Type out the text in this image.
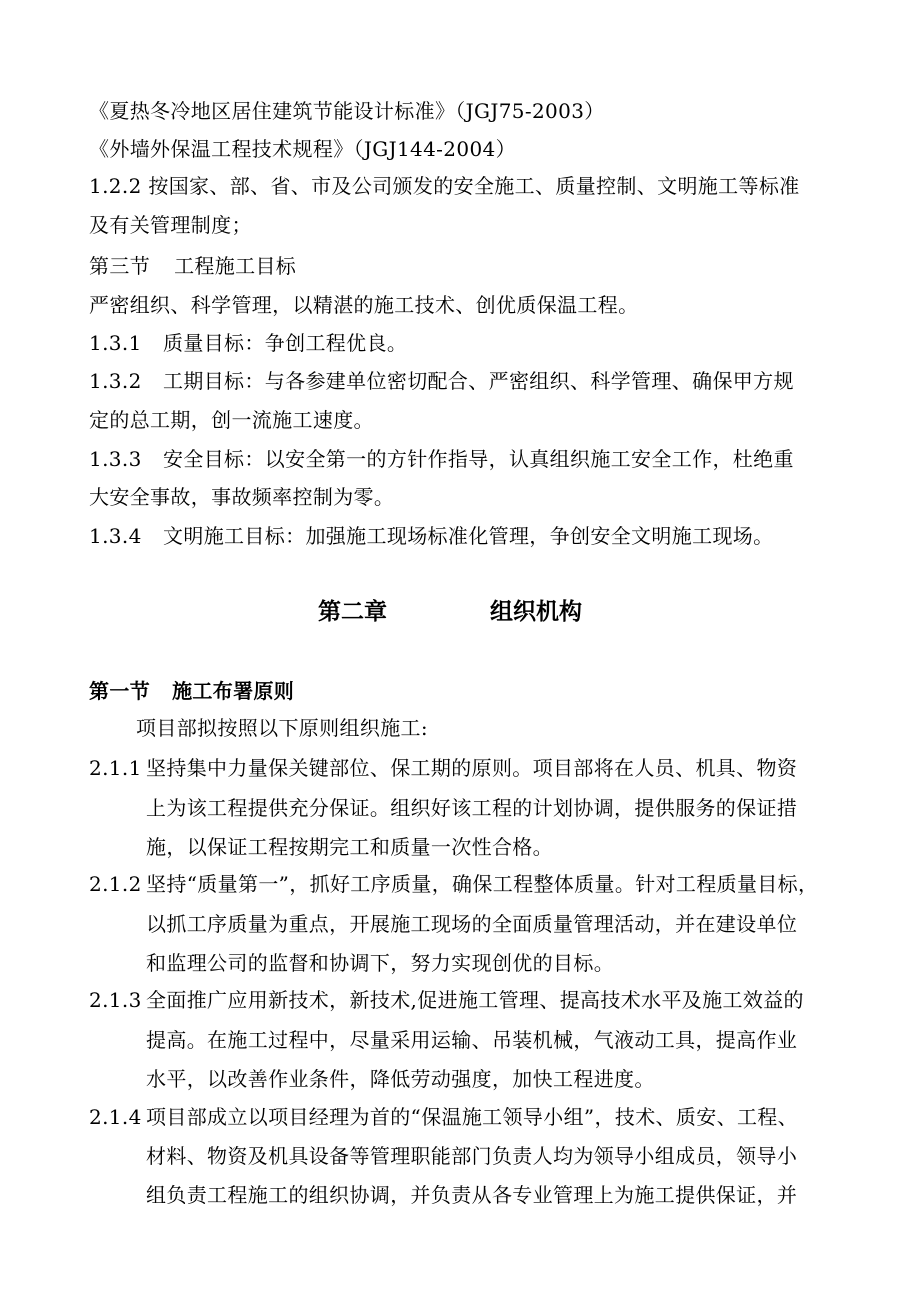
《夏热冬冷地区居住建筑节能设计标准》（JGJ75-2003）
《外墙外保温工程技术规程》（JGJ144-2004）
1.2.2 按国家、部、省、市及公司颁发的安全施工、质量控制、文明施工等标准
及有关管理制度；
第三节 工程施工目标
严密组织、科学管理，以精湛的施工技术、创优质保温工程。
1.3.1 质量目标：争创工程优良。
1.3.2 工期目标：与各参建单位密切配合、严密组织、科学管理、确保甲方规
定的总工期，创一流施工速度。
1.3.3 安全目标：以安全第一的方针作指导，认真组织施工安全工作，杜绝重
大安全事故，事故频率控制为零。
1.3.4 文明施工目标：加强施工现场标准化管理，争创安全文明施工现场。
第二章	组织机构
第一节 施工布署原则
项目部拟按照以下原则组织施工:
2.1.1 坚持集中力量保关键部位、保工期的原则。项目部将在人员、机具、物资
上为该工程提供充分保证。组织好该工程的计划协调，提供服务的保证措
施，以保证工程按期完工和质量一次性合格。
2.1.2 坚持“质量第一”，抓好工序质量，确保工程整体质量。针对工程质量目标，
以抓工序质量为重点，开展施工现场的全面质量管理活动，并在建设单位
和监理公司的监督和协调下，努力实现创优的目标。
2.1.3 全面推广应用新技术，新技术,促进施工管理、提高技术水平及施工效益的
提高。在施工过程中，尽量采用运输、吊装机械，气液动工具，提高作业
水平，以改善作业条件，降低劳动强度，加快工程进度。
2.1.4 项目部成立以项目经理为首的“保温施工领导小组”，技术、质安、工程、
材料、物资及机具设备等管理职能部门负责人均为领导小组成员，领导小
组负责工程施工的组织协调，并负责从各专业管理上为施工提供保证，并
